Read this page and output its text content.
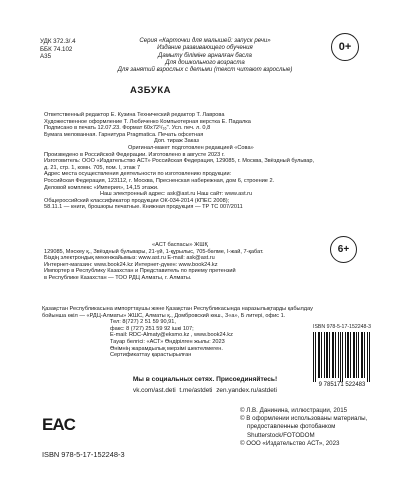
УДК 372.3/.4
ББК 74.102
А35
Серия «Карточки для малышей: запуск речи»
Издание развивающего обучения
Дамыту біліміне арналған басла
Для дошкольного возраста
Для занятий взрослых с детьми (текст читают взрослые)
0+
АЗБУКА
Ответственный редактор Е. Кузина Технический редактор Т. Лаврова
Художественное оформление Т. Любиченко Компьютерная верстка Е. Падалка
Подписано в печать 12.07.23. Формат 60х72¹/₁₆". Усл. печ. л. 0,8
Бумага мелованная. Гарнитура Pragmatica. Печать офсетная
Доп. тираж Заказ
Оригинал-макет подготовлен редакцией «Сова»
Произведено в Российской Федерации. Изготовлено в августе 2023 г.
Изготовитель: ООО «Издательство АСТ» Российская Федерация, 129085, г. Москва, Звёздный бульвар,
д. 21, стр. 1, комн. 705, пом. I, этаж 7
Адрес места осуществления деятельности по изготовлению продукции:
Российская Федерация, 123112, г. Москва, Пресненская набережная, дом 6, строение 2.
Деловой комплекс «Империя», 14,15 этажи.
Наш электронный адрес: ask@ast.ru Наш сайт: www.ast.ru
Общероссийский классификатор продукции ОК-034-2014 (КПЕС 2008);
58.11.1 — книги, брошюры печатные. Книжная продукция — ТР ТС 007/2011
6+
«АСТ баспасы» ЖШҚ
129085, Мәскеу қ., Звёздный бульвары, 21-үй, 1-құрылыс, 705-бөлме, I-жай, 7-қабат.
Біздің электрондық мекенжайымыз: www.ast.ru E-mail: ask@ast.ru
Интернет-магазин: www.book24.kz Интернет-дүкен: www.book24.kz
Импортер в Республику Казахстан и Представитель по приему претензий
в Республике Казахстан — ТОО РДЦ Алматы, г. Алматы.
Қазақстан Республикасына импорттаушы және Қазақстан Республикасында наразылықтарды қабылдау
бойынша өкіл — «РДЦ-Алматы» ЖШС, Алматы қ., Домбровский көш., 3«а», Б литері, офис 1.
Тел: 8(727) 2 51 59 90,91,
факс: 8 (727) 251 59 92 ішкі 107;
E-mail: RDC-Almaty@eksmo.kz , www.book24.kz
Тауар белгісі: «АСТ» Өндірілген жылы: 2023
Өнімнің жарамдылық мерзімі шектелмеген.
Сертификаттау қарастырылған
ISBN 978-5-17-152248-3
9 785171 522483
Мы в социальных сетях. Присоединяйтесь!
vk.com/ast.deti t.me/astdeti zen.yandex.ru/astdeti
EAC
ISBN 978-5-17-152248-3
© Л.В. Данинина, иллюстрации, 2015
© В оформлении использованы материалы,
предоставленные фотобанком
Shutterstock/FOTODOM
© ООО «Издательство АСТ», 2023
